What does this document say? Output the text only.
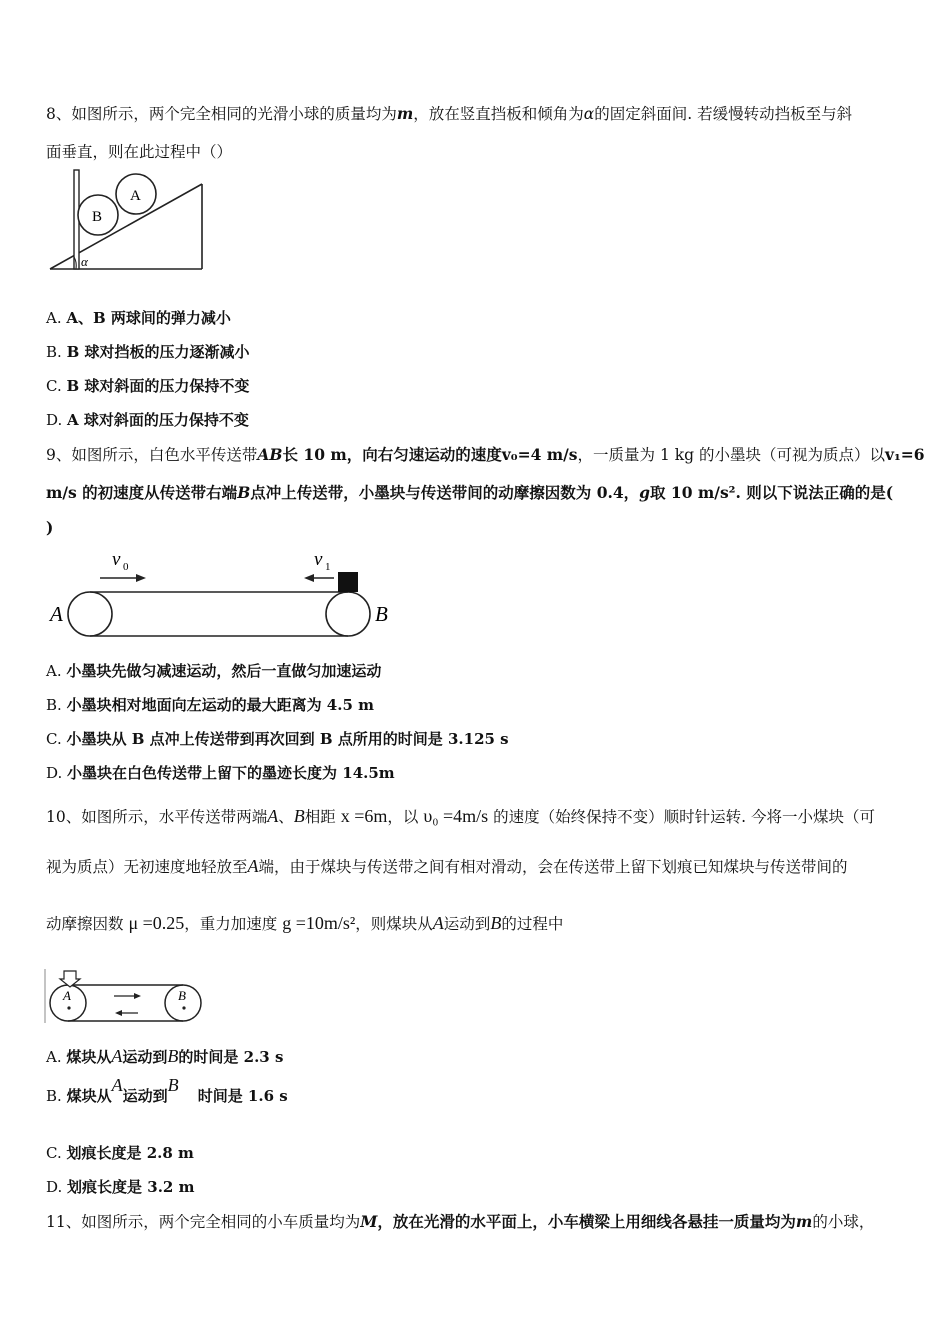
8、如图所示，两个完全相同的光滑小球的质量均为m，放在竖直挡板和倾角为α的固定斜面间. 若缓慢转动挡板至与斜
面垂直，则在此过程中（）
B
A
α
A. A、B 两球间的弹力减小
B. B 球对挡板的压力逐渐减小
C. B 球对斜面的压力保持不变
D. A 球对斜面的压力保持不变
9、如图所示，白色水平传送带AB长 10 m，向右匀速运动的速度v₀=4 m/s，一质量为 1 kg 的小墨块（可视为质点）以v₁=6
m/s 的初速度从传送带右端B点冲上传送带，小墨块与传送带间的动摩擦因数为 0.4，g取 10 m/s². 则以下说法正确的是(
)
v 0	v 1
A	B
A. 小墨块先做匀减速运动，然后一直做匀加速运动
B. 小墨块相对地面向左运动的最大距离为 4.5 m
C. 小墨块从 B 点冲上传送带到再次回到 B 点所用的时间是 3.125 s
D. 小墨块在白色传送带上留下的墨迹长度为 14.5m
10、如图所示，水平传送带两端A、B相距 x =6m，以 υ₀ =4m/s 的速度（始终保持不变）顺时针运转. 今将一小煤块（可
视为质点）无初速度地轻放至A端，由于煤块与传送带之间有相对滑动，会在传送带上留下划痕已知煤块与传送带间的
动摩擦因数 μ =0.25，重力加速度 g =10m/s²，则煤块从A运动到B的过程中
A	B
A. 煤块从A运动到B的时间是 2.3 s
B. 煤块从A运动到B    时间是 1.6 s
C. 划痕长度是 2.8 m
D. 划痕长度是 3.2 m
11、如图所示，两个完全相同的小车质量均为M，放在光滑的水平面上，小车横梁上用细线各悬挂一质量均为m的小球，
